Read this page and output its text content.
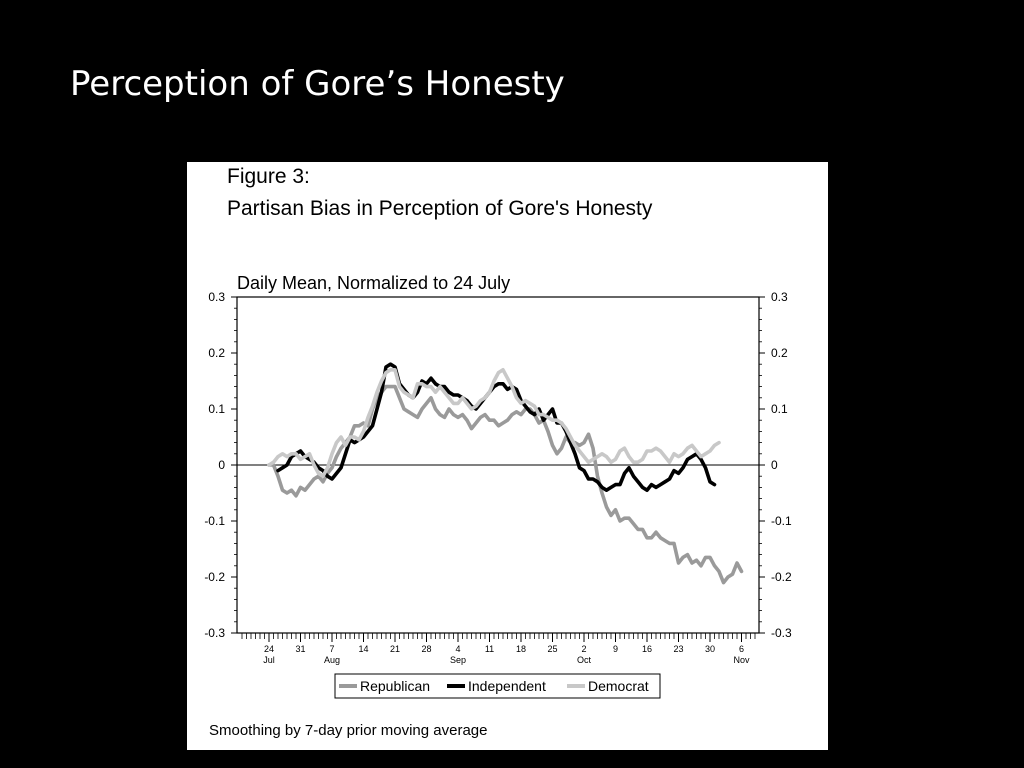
Perception of Gore’s Honesty
Figure 3:
Partisan Bias in Perception of Gore's Honesty
Daily Mean, Normalized to 24 July
-0.3
-0.2
-0.1
0
0.1
0.2
0.3
-0.3
-0.2
-0.1
0
0.1
0.2
0.3
24
Jul
31	7
Aug
14 21 28	4
Sep
11 18 25	2
Oct
9	16 23 30	6
Nov
Republican	Independent	Democrat
Smoothing by 7-day prior moving average
